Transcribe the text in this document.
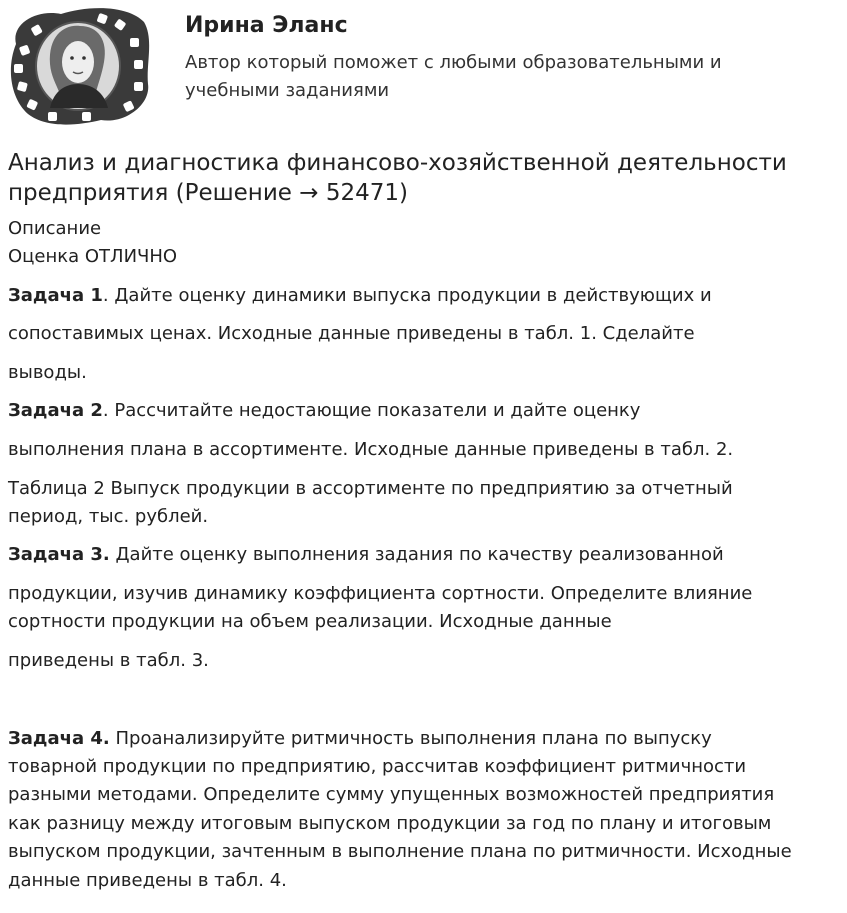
Ирина Эланс
Автор который поможет с любыми образовательными и
учебными заданиями
Анализ и диагностика финансово-хозяйственной деятельности
предприятия (Решение → 52471)
Описание
Оценка ОТЛИЧНО
Задача 1. Дайте оценку динамики выпуска продукции в действующих и
сопоставимых ценах. Исходные данные приведены в табл. 1. Сделайте
выводы.
Задача 2. Рассчитайте недостающие показатели и дайте оценку
выполнения плана в ассортименте. Исходные данные приведены в табл. 2.
Таблица 2 Выпуск продукции в ассортименте по предприятию за отчетный
период, тыс. рублей.
Задача 3. Дайте оценку выполнения задания по качеству реализованной
продукции, изучив динамику коэффициента сортности. Определите влияние
сортности продукции на объем реализации. Исходные данные
приведены в табл. 3.
Задача 4. Проанализируйте ритмичность выполнения плана по выпуску
товарной продукции по предприятию, рассчитав коэффициент ритмичности
разными методами. Определите сумму упущенных возможностей предприятия
как разницу между итоговым выпуском продукции за год по плану и итоговым
выпуском продукции, зачтенным в выполнение плана по ритмичности. Исходные
данные приведены в табл. 4.
